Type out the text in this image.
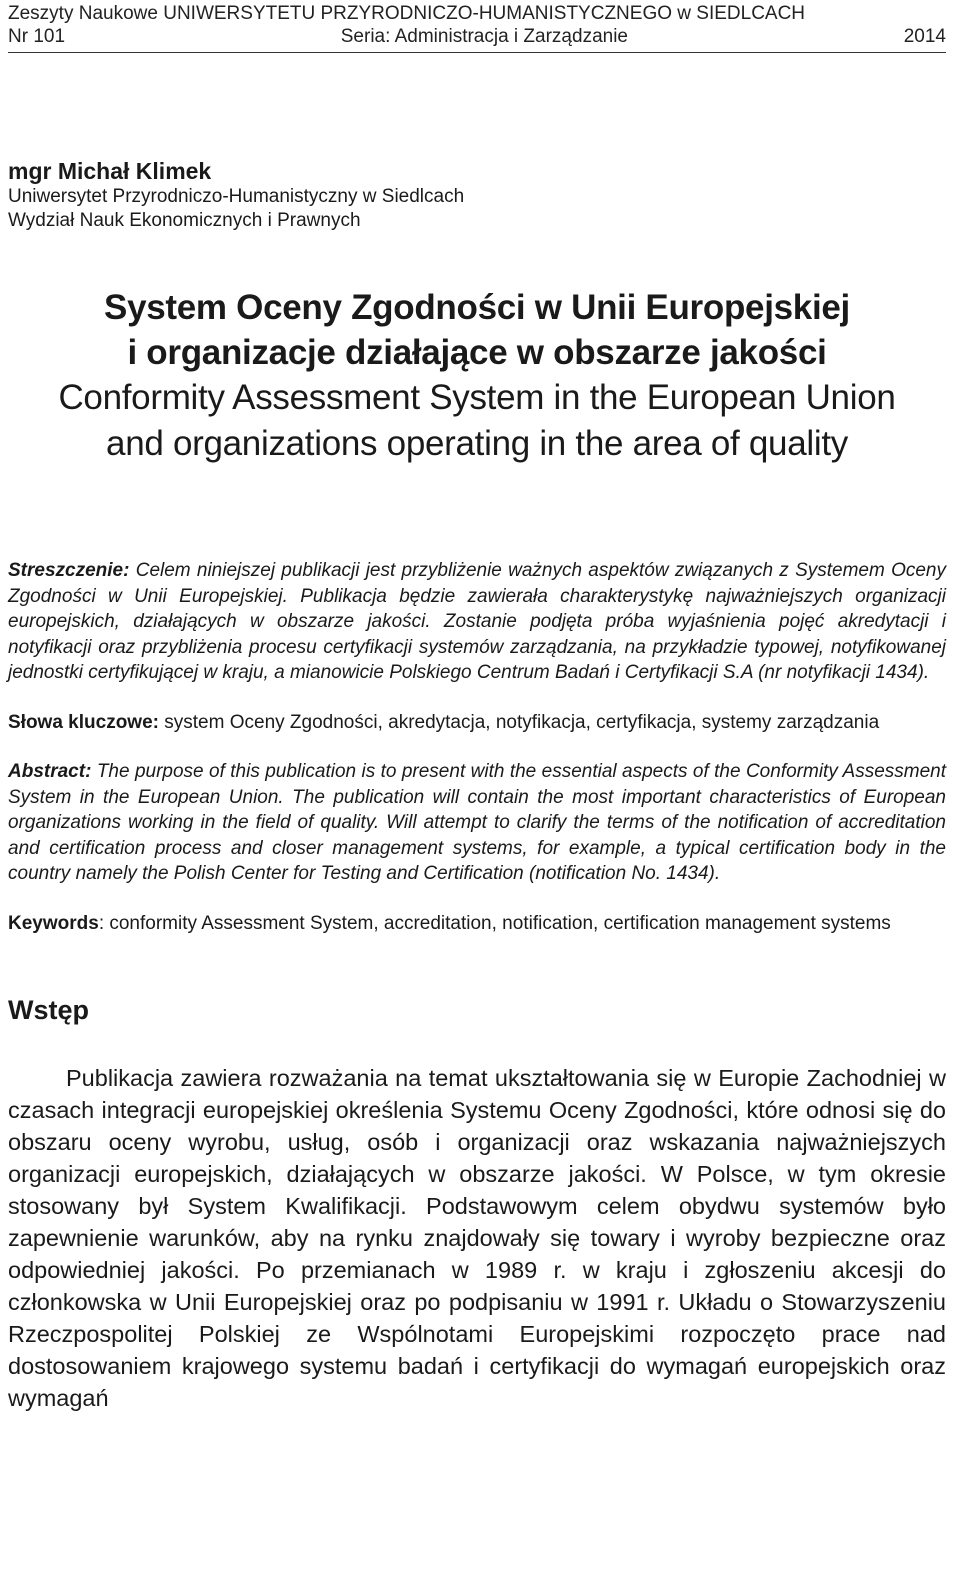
Zeszyty Naukowe UNIWERSYTETU PRZYRODNICZO-HUMANISTYCZNEGO w SIEDLCACH
Nr 101	Seria: Administracja i Zarządzanie	2014
mgr Michał Klimek
Uniwersytet Przyrodniczo-Humanistyczny w Siedlcach
Wydział Nauk Ekonomicznych i Prawnych
System Oceny Zgodności w Unii Europejskiej
i organizacje działające w obszarze jakości
Conformity Assessment System in the European Union
and organizations operating in the area of quality

Streszczenie: Celem niniejszej publikacji jest przybliżenie ważnych aspektów związanych z Systemem Oceny Zgodności w Unii Europejskiej. Publikacja będzie zawierała charakterystykę najważniejszych organizacji europejskich, działających w obszarze jakości. Zostanie podjęta próba wyjaśnienia pojęć akredytacji i notyfikacji oraz przybliżenia procesu certyfikacji systemów zarządzania, na przykładzie typowej, notyfikowanej jednostki certyfikującej w kraju, a mianowicie Polskiego Centrum Badań i Certyfikacji S.A (nr notyfikacji 1434).

Słowa kluczowe: system Oceny Zgodności, akredytacja, notyfikacja, certyfikacja, systemy zarządzania

Abstract: The purpose of this publication is to present with the essential aspects of the Conformity Assessment System in the European Union. The publication will contain the most important characteristics of European organizations working in the field of quality. Will attempt to clarify the terms of the notification of accreditation and certification process and closer management systems, for example, a typical certification body in the country namely the Polish Center for Testing and Certification (notification No. 1434).

Keywords: conformity Assessment System, accreditation, notification, certification management systems

Wstęp

Publikacja zawiera rozważania na temat ukształtowania się w Europie Zachodniej w czasach integracji europejskiej określenia Systemu Oceny Zgodności, które odnosi się do obszaru oceny wyrobu, usług, osób i organizacji oraz wskazania najważniejszych organizacji europejskich, działających w obszarze jakości. W Polsce, w tym okresie stosowany był System Kwalifikacji. Podstawowym celem obydwu systemów było zapewnienie warunków, aby na rynku znajdowały się towary i wyroby bezpieczne oraz odpowiedniej jakości. Po przemianach w 1989 r. w kraju i zgłoszeniu akcesji do członkowska w Unii Europejskiej oraz po podpisaniu w 1991 r. Układu o Stowarzyszeniu Rzeczpospolitej Polskiej ze Wspólnotami Europejskimi rozpoczęto prace nad dostosowaniem krajowego systemu badań i certyfikacji do wymagań europejskich oraz wymagań
